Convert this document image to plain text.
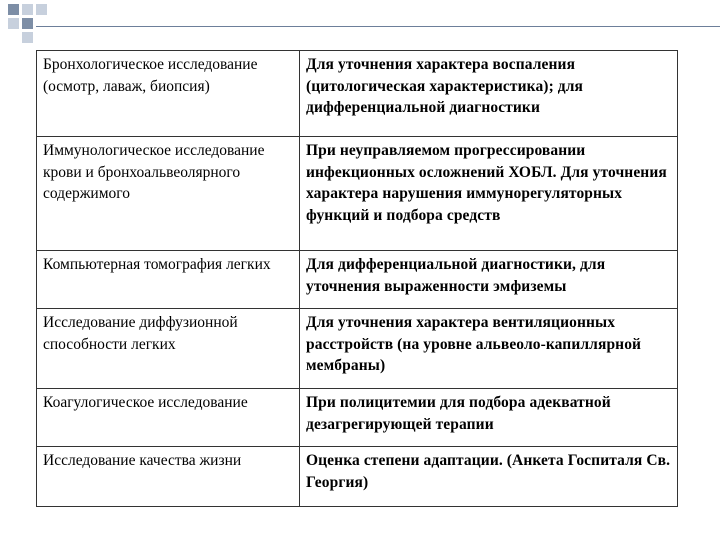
Бронхологическое исследование (осмотр, лаваж, биопсия)	Для уточнения характера воспаления (цитологическая характеристика); для дифференциальной диагностики
Иммунологическое исследование крови и бронхоальвеолярного содержимого	При неуправляемом прогрессировании инфекционных осложнений ХОБЛ. Для уточнения характера нарушения иммунорегуляторных функций и подбора средств
Компьютерная томография легких	Для дифференциальной диагностики, для уточнения выраженности эмфиземы
Исследование диффузионной способности легких	Для уточнения характера вентиляционных расстройств (на уровне альвеоло-капиллярной мембраны)
Коагулогическое исследование	При полицитемии для подбора адекватной дезагрегирующей терапии
Исследование качества жизни	Оценка степени адаптации. (Анкета Госпиталя Св. Георгия)
